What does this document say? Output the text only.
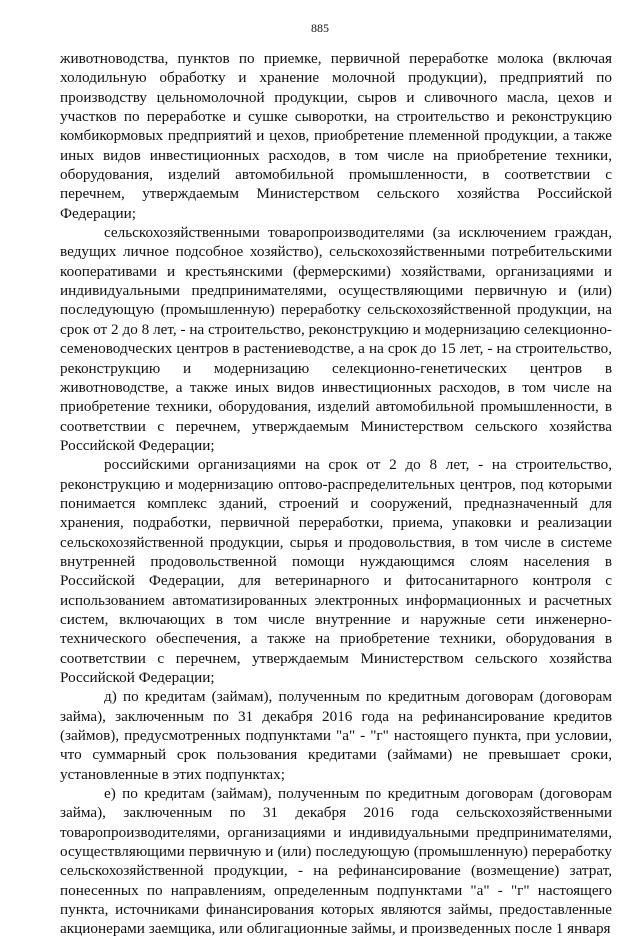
885

животноводства, пунктов по приемке, первичной переработке молока (включая холодильную обработку и хранение молочной продукции), предприятий по производству цельномолочной продукции, сыров и сливочного масла, цехов и участков по переработке и сушке сыворотки, на строительство и реконструкцию комбикормовых предприятий и цехов, приобретение племенной продукции, а также иных видов инвестиционных расходов, в том числе на приобретение техники, оборудования, изделий автомобильной промышленности, в соответствии с перечнем, утверждаемым Министерством сельского хозяйства Российской Федерации;

сельскохозяйственными товаропроизводителями (за исключением граждан, ведущих личное подсобное хозяйство), сельскохозяйственными потребительскими кооперативами и крестьянскими (фермерскими) хозяйствами, организациями и индивидуальными предпринимателями, осуществляющими первичную и (или) последующую (промышленную) переработку сельскохозяйственной продукции, на срок от 2 до 8 лет, - на строительство, реконструкцию и модернизацию селекционно-семеноводческих центров в растениеводстве, а на срок до 15 лет, - на строительство, реконструкцию и модернизацию селекционно-генетических центров в животноводстве, а также иных видов инвестиционных расходов, в том числе на приобретение техники, оборудования, изделий автомобильной промышленности, в соответствии с перечнем, утверждаемым Министерством сельского хозяйства Российской Федерации;

российскими организациями на срок от 2 до 8 лет, - на строительство, реконструкцию и модернизацию оптово-распределительных центров, под которыми понимается комплекс зданий, строений и сооружений, предназначенный для хранения, подработки, первичной переработки, приема, упаковки и реализации сельскохозяйственной продукции, сырья и продовольствия, в том числе в системе внутренней продовольственной помощи нуждающимся слоям населения в Российской Федерации, для ветеринарного и фитосанитарного контроля с использованием автоматизированных электронных информационных и расчетных систем, включающих в том числе внутренние и наружные сети инженерно-технического обеспечения, а также на приобретение техники, оборудования в соответствии с перечнем, утверждаемым Министерством сельского хозяйства Российской Федерации;

д) по кредитам (займам), полученным по кредитным договорам (договорам займа), заключенным по 31 декабря 2016 года на рефинансирование кредитов (займов), предусмотренных подпунктами "а" - "г" настоящего пункта, при условии, что суммарный срок пользования кредитами (займами) не превышает сроки, установленные в этих подпунктах;

е) по кредитам (займам), полученным по кредитным договорам (договорам займа), заключенным по 31 декабря 2016 года сельскохозяйственными товаропроизводителями, организациями и индивидуальными предпринимателями, осуществляющими первичную и (или) последующую (промышленную) переработку сельскохозяйственной продукции, - на рефинансирование (возмещение) затрат, понесенных по направлениям, определенным подпунктами "а" - "г" настоящего пункта, источниками финансирования которых являются займы, предоставленные акционерами заемщика, или облигационные займы, и произведенных после 1 января
